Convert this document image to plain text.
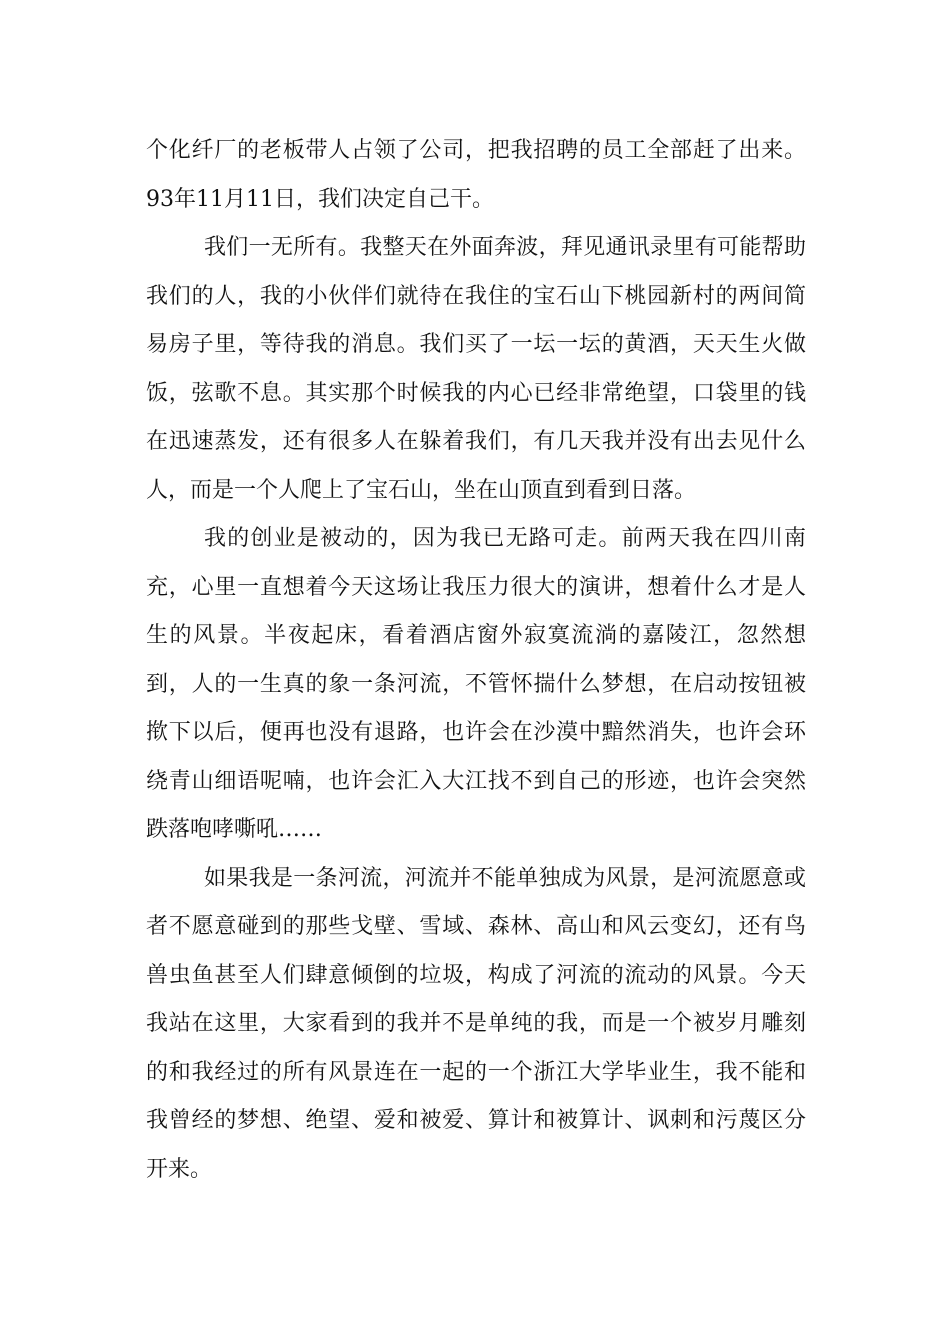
个化纤厂的老板带人占领了公司，把我招聘的员工全部赶了出来。
93年11月11日，我们决定自己干。
我们一无所有。我整天在外面奔波，拜见通讯录里有可能帮助
我们的人，我的小伙伴们就待在我住的宝石山下桃园新村的两间简
易房子里，等待我的消息。我们买了一坛一坛的黄酒，天天生火做
饭，弦歌不息。其实那个时候我的内心已经非常绝望，口袋里的钱
在迅速蒸发，还有很多人在躲着我们，有几天我并没有出去见什么
人，而是一个人爬上了宝石山，坐在山顶直到看到日落。
我的创业是被动的，因为我已无路可走。前两天我在四川南
充，心里一直想着今天这场让我压力很大的演讲，想着什么才是人
生的风景。半夜起床，看着酒店窗外寂寞流淌的嘉陵江，忽然想
到，人的一生真的象一条河流，不管怀揣什么梦想，在启动按钮被
揿下以后，便再也没有退路，也许会在沙漠中黯然消失，也许会环
绕青山细语呢喃，也许会汇入大江找不到自己的形迹，也许会突然
跌落咆哮嘶吼……
如果我是一条河流，河流并不能单独成为风景，是河流愿意或
者不愿意碰到的那些戈壁、雪域、森林、高山和风云变幻，还有鸟
兽虫鱼甚至人们肆意倾倒的垃圾，构成了河流的流动的风景。今天
我站在这里，大家看到的我并不是单纯的我，而是一个被岁月雕刻
的和我经过的所有风景连在一起的一个浙江大学毕业生，我不能和
我曾经的梦想、绝望、爱和被爱、算计和被算计、讽刺和污蔑区分
开来。
